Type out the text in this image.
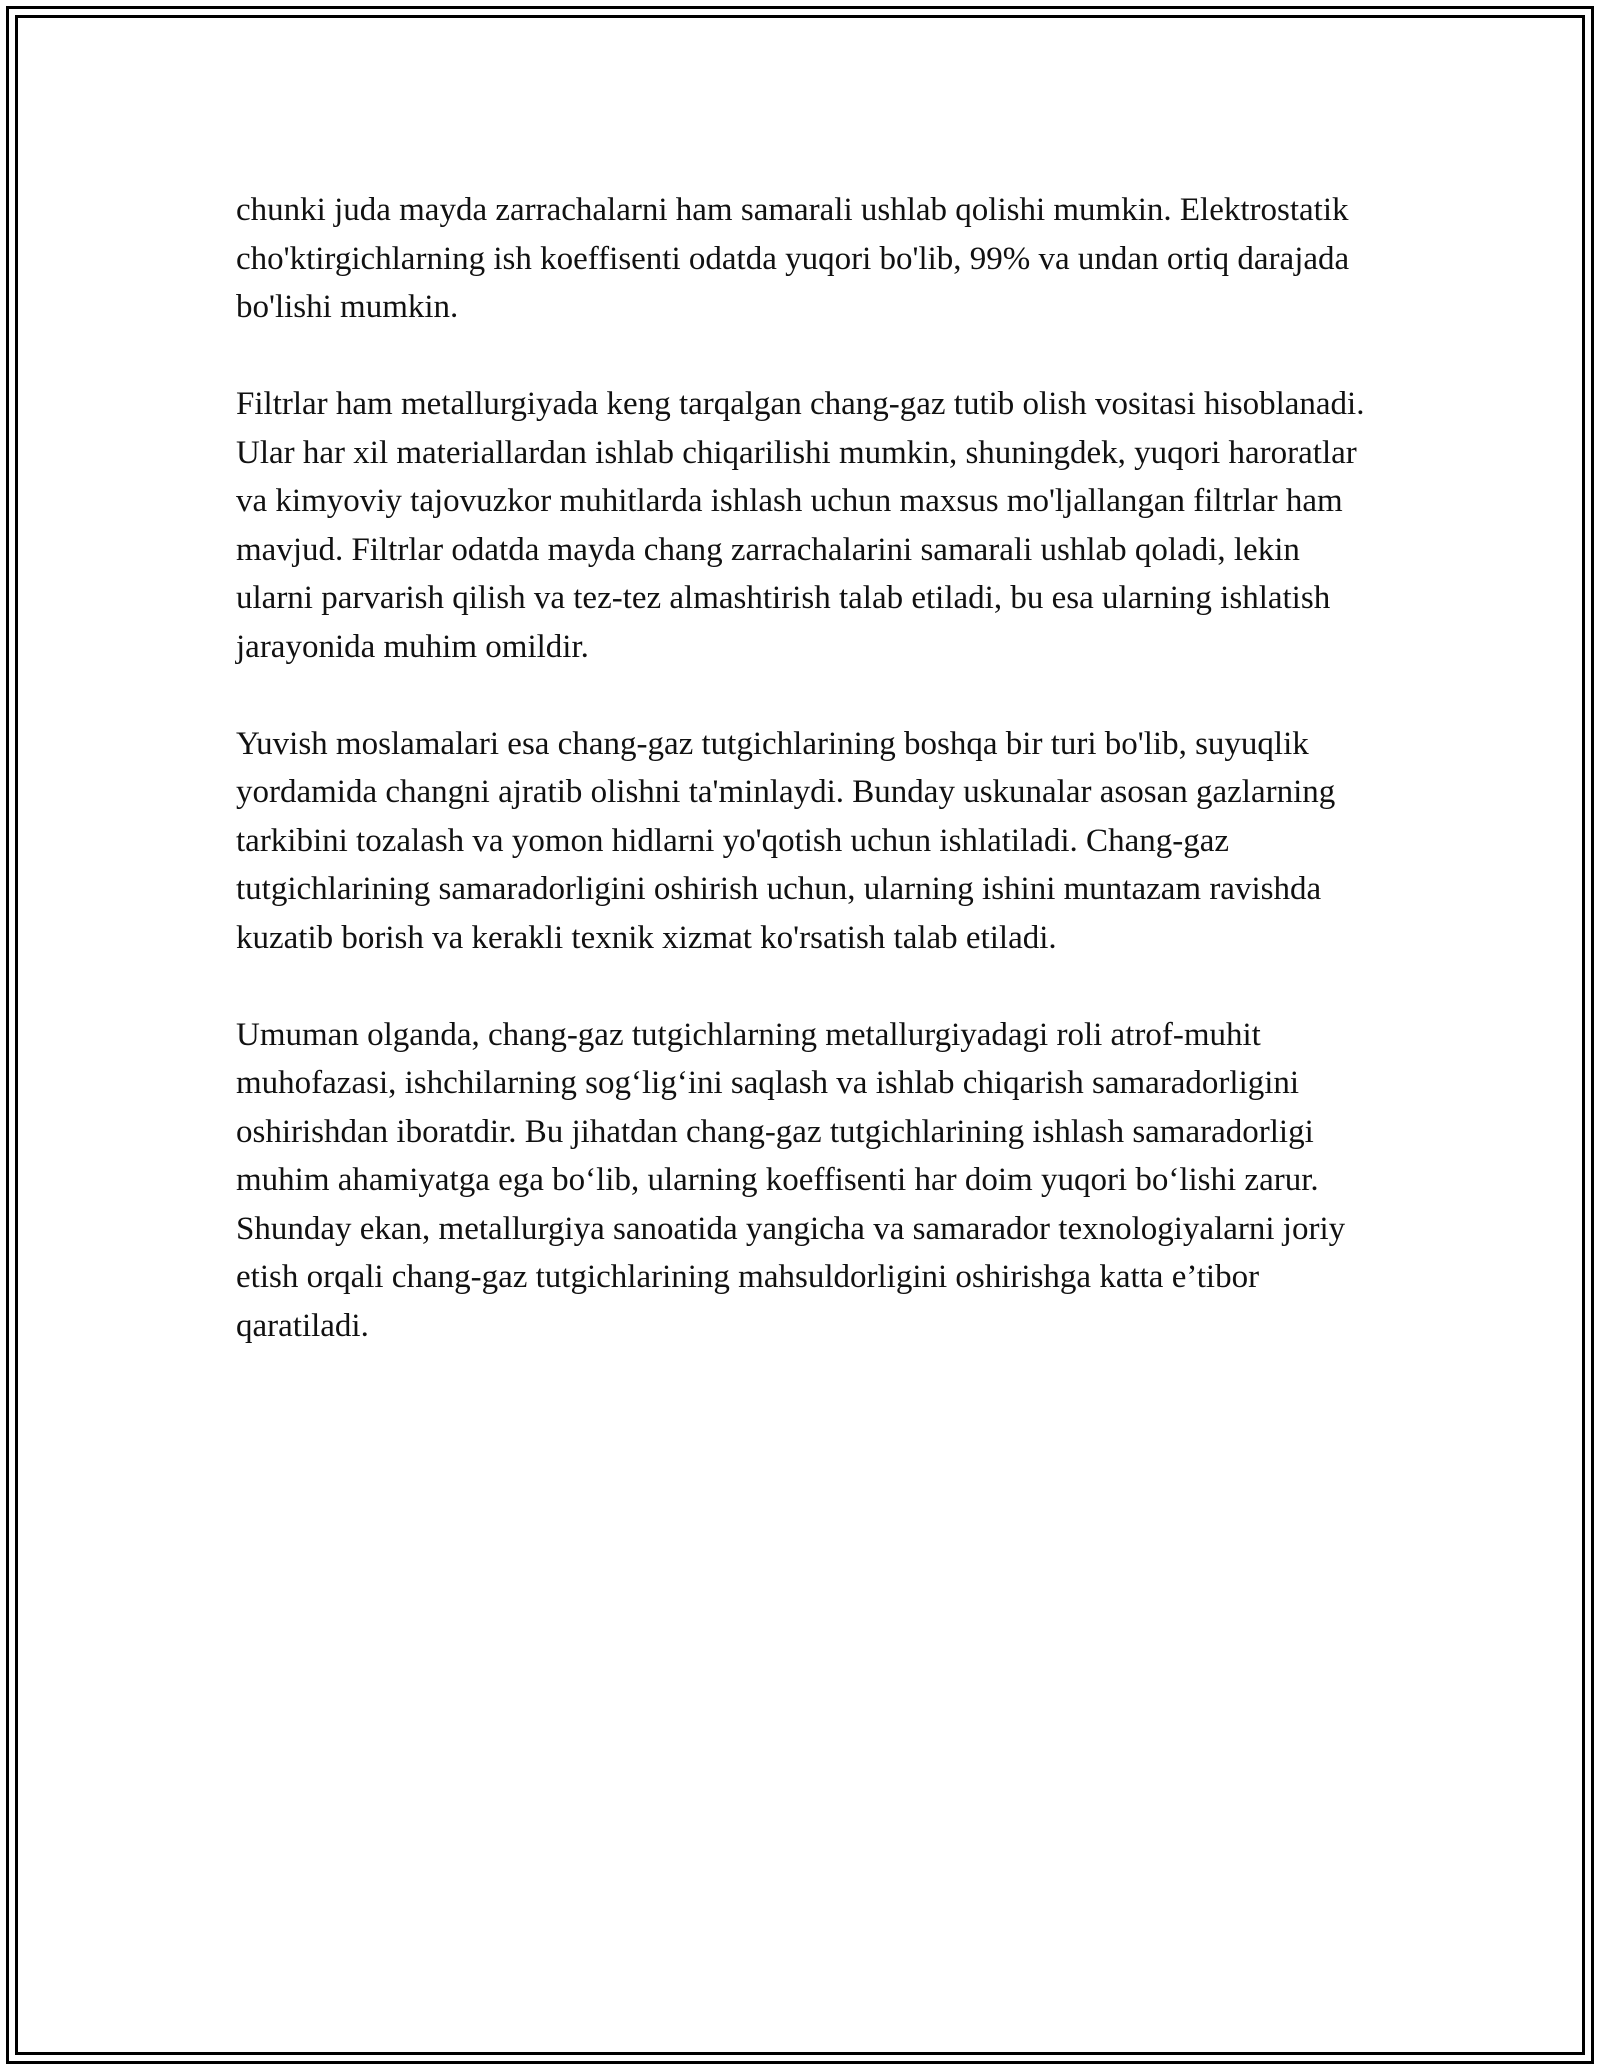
chunki juda mayda zarrachalarni ham samarali ushlab qolishi mumkin. Elektrostatik cho'ktirgichlarning ish koeffisenti odatda yuqori bo'lib, 99% va undan ortiq darajada bo'lishi mumkin.

Filtrlar ham metallurgiyada keng tarqalgan chang-gaz tutib olish vositasi hisoblanadi. Ular har xil materiallardan ishlab chiqarilishi mumkin, shuningdek, yuqori haroratlar va kimyoviy tajovuzkor muhitlarda ishlash uchun maxsus mo'ljallangan filtrlar ham mavjud. Filtrlar odatda mayda chang zarrachalarini samarali ushlab qoladi, lekin ularni parvarish qilish va tez-tez almashtirish talab etiladi, bu esa ularning ishlatish jarayonida muhim omildir.

Yuvish moslamalari esa chang-gaz tutgichlarining boshqa bir turi bo'lib, suyuqlik yordamida changni ajratib olishni ta'minlaydi. Bunday uskunalar asosan gazlarning tarkibini tozalash va yomon hidlarni yo'qotish uchun ishlatiladi. Chang-gaz tutgichlarining samaradorligini oshirish uchun, ularning ishini muntazam ravishda kuzatib borish va kerakli texnik xizmat ko'rsatish talab etiladi.

Umuman olganda, chang-gaz tutgichlarning metallurgiyadagi roli atrof-muhit muhofazasi, ishchilarning sog‘lig‘ini saqlash va ishlab chiqarish samaradorligini oshirishdan iboratdir. Bu jihatdan chang-gaz tutgichlarining ishlash samaradorligi muhim ahamiyatga ega bo‘lib, ularning koeffisenti har doim yuqori bo‘lishi zarur. Shunday ekan, metallurgiya sanoatida yangicha va samarador texnologiyalarni joriy etish orqali chang-gaz tutgichlarining mahsuldorligini oshirishga katta e’tibor qaratiladi.
